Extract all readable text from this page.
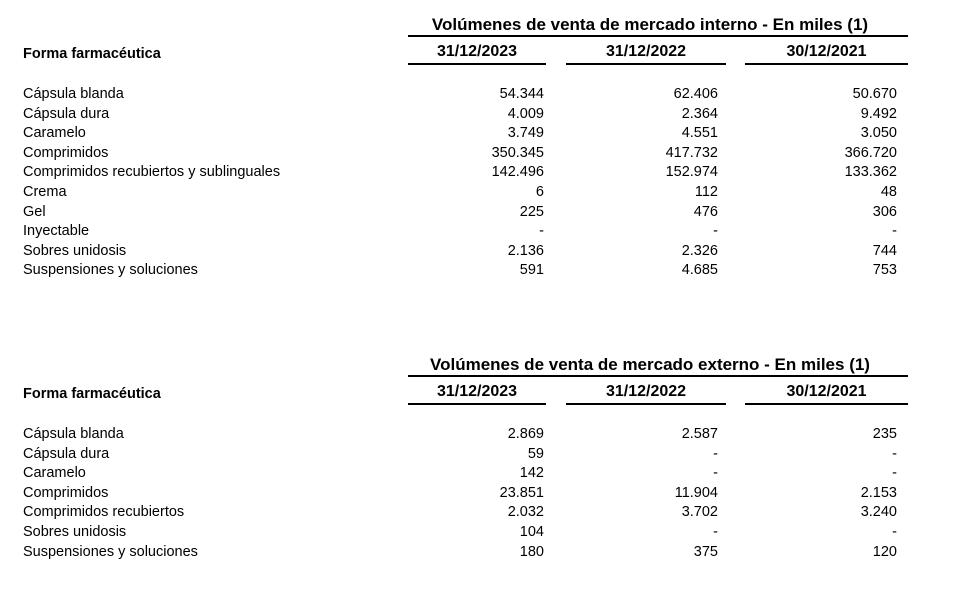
Volúmenes de venta de mercado interno - En miles (1)
Forma farmacéutica	31/12/2023	31/12/2022	30/12/2021
Cápsula blanda	54.344	62.406	50.670
Cápsula dura	4.009	2.364	9.492
Caramelo	3.749	4.551	3.050
Comprimidos	350.345	417.732	366.720
Comprimidos recubiertos y sublinguales	142.496	152.974	133.362
Crema	6	112	48
Gel	225	476	306
Inyectable	-	-	-
Sobres unidosis	2.136	2.326	744
Suspensiones y soluciones	591	4.685	753
Volúmenes de venta de mercado externo - En miles (1)
Forma farmacéutica	31/12/2023	31/12/2022	30/12/2021
Cápsula blanda	2.869	2.587	235
Cápsula dura	59	-	-
Caramelo	142	-	-
Comprimidos	23.851	11.904	2.153
Comprimidos recubiertos	2.032	3.702	3.240
Sobres unidosis	104	-	-
Suspensiones y soluciones	180	375	120
